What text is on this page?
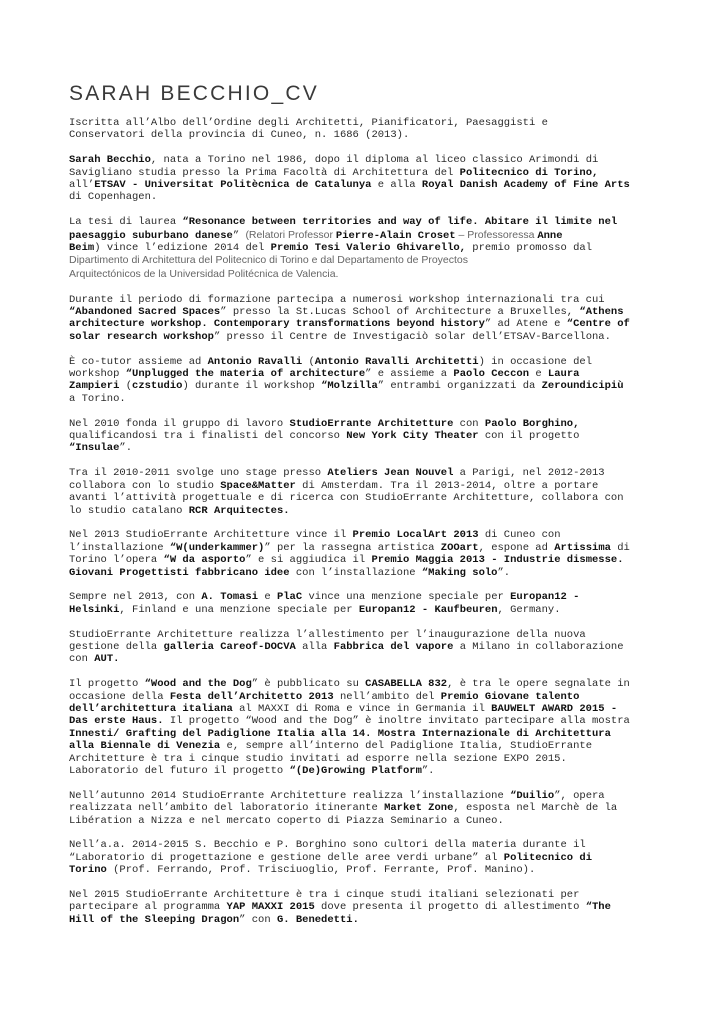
SARAH BECCHIO_CV

Iscritta all’Albo dell’Ordine degli Architetti, Pianificatori, Paesaggisti e
Conservatori della provincia di Cuneo, n. 1686 (2013).

Sarah Becchio, nata a Torino nel 1986, dopo il diploma al liceo classico Arimondi di
Savigliano studia presso la Prima Facoltà di Architettura del Politecnico di Torino,
all’ETSAV - Universitat Politècnica de Catalunya e alla Royal Danish Academy of Fine Arts
di Copenhagen.

La tesi di laurea “Resonance between territories and way of life. Abitare il limite nel
paesaggio suburbano danese” (Relatori Professor Pierre-Alain Croset – Professoressa Anne
Beim) vince l’edizione 2014 del Premio Tesi Valerio Ghivarello, premio promosso dal
Dipartimento di Architettura del Politecnico di Torino e dal Departamento de Proyectos
Arquitectónicos de la Universidad Politécnica de Valencia.

Durante il periodo di formazione partecipa a numerosi workshop internazionali tra cui
“Abandoned Sacred Spaces” presso la St.Lucas School of Architecture a Bruxelles, “Athens
architecture workshop. Contemporary transformations beyond history” ad Atene e “Centre of
solar research workshop” presso il Centre de Investigaciò solar dell’ETSAV-Barcellona.

È co-tutor assieme ad Antonio Ravalli (Antonio Ravalli Architetti) in occasione del
workshop “Unplugged the materia of architecture” e assieme a Paolo Ceccon e Laura
Zampieri (czstudio) durante il workshop “Molzilla” entrambi organizzati da Zeroundicipiù
a Torino.

Nel 2010 fonda il gruppo di lavoro StudioErrante Architetture con Paolo Borghino,
qualificandosi tra i finalisti del concorso New York City Theater con il progetto
“Insulae”.

Tra il 2010-2011 svolge uno stage presso Ateliers Jean Nouvel a Parigi, nel 2012-2013
collabora con lo studio Space&Matter di Amsterdam. Tra il 2013-2014, oltre a portare
avanti l’attività progettuale e di ricerca con StudioErrante Architetture, collabora con
lo studio catalano RCR Arquitectes.

Nel 2013 StudioErrante Architetture vince il Premio LocalArt 2013 di Cuneo con
l’installazione “W(underkammer)” per la rassegna artistica ZOOart, espone ad Artissima di
Torino l’opera “W da asporto” e si aggiudica il Premio Maggia 2013 - Industrie dismesse.
Giovani Progettisti fabbricano idee con l’installazione “Making solo”.

Sempre nel 2013, con A. Tomasi e PlaC vince una menzione speciale per Europan12 -
Helsinki, Finland e una menzione speciale per Europan12 - Kaufbeuren, Germany.

StudioErrante Architetture realizza l’allestimento per l’inaugurazione della nuova
gestione della galleria Careof-DOCVA alla Fabbrica del vapore a Milano in collaborazione
con AUT.

Il progetto “Wood and the Dog” è pubblicato su CASABELLA 832, è tra le opere segnalate in
occasione della Festa dell’Architetto 2013 nell’ambito del Premio Giovane talento
dell’architettura italiana al MAXXI di Roma e vince in Germania il BAUWELT AWARD 2015 -
Das erste Haus. Il progetto “Wood and the Dog” è inoltre invitato partecipare alla mostra
Innesti/ Grafting del Padiglione Italia alla 14. Mostra Internazionale di Architettura
alla Biennale di Venezia e, sempre all’interno del Padiglione Italia, StudioErrante
Architetture è tra i cinque studio invitati ad esporre nella sezione EXPO 2015.
Laboratorio del futuro il progetto “(De)Growing Platform”.

Nell’autunno 2014 StudioErrante Architetture realizza l’installazione “Duilio”, opera
realizzata nell’ambito del laboratorio itinerante Market Zone, esposta nel Marchè de la
Libération a Nizza e nel mercato coperto di Piazza Seminario a Cuneo.

Nell’a.a. 2014-2015 S. Becchio e P. Borghino sono cultori della materia durante il
“Laboratorio di progettazione e gestione delle aree verdi urbane” al Politecnico di
Torino (Prof. Ferrando, Prof. Trisciuoglio, Prof. Ferrante, Prof. Manino).

Nel 2015 StudioErrante Architetture è tra i cinque studi italiani selezionati per
partecipare al programma YAP MAXXI 2015 dove presenta il progetto di allestimento “The
Hill of the Sleeping Dragon” con G. Benedetti.
